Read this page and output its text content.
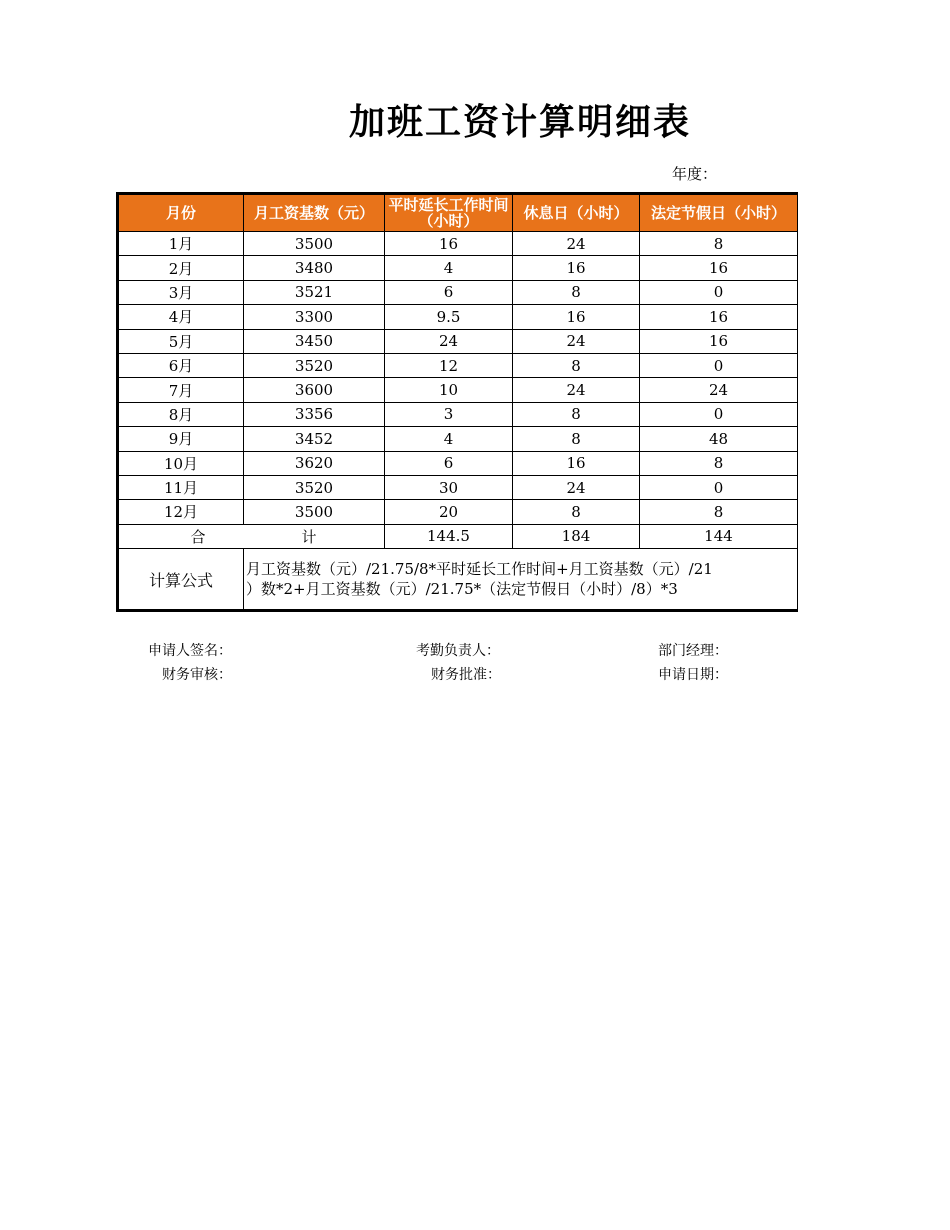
加班工资计算明细表
年度：
月份	月工资基数（元）	平时延长工作时间（小时）	休息日（小时）	法定节假日（小时）
1月	3500	16	24	8
2月	3480	4	16	16
3月	3521	6	8	0
4月	3300	9.5	16	16
5月	3450	24	24	16
6月	3520	12	8	0
7月	3600	10	24	24
8月	3356	3	8	0
9月	3452	4	8	48
10月	3620	6	16	8
11月	3520	30	24	0
12月	3500	20	8	8
合	计	144.5	184	144
计算公式	月工资基数（元）/21.75/8*平时延长工作时间+月工资基数（元）/21
）数*2+月工资基数（元）/21.75*（法定节假日（小时）/8）*3			
申请人签名：	考勤负责人：	部门经理：
财务审核：	财务批准：	申请日期：
